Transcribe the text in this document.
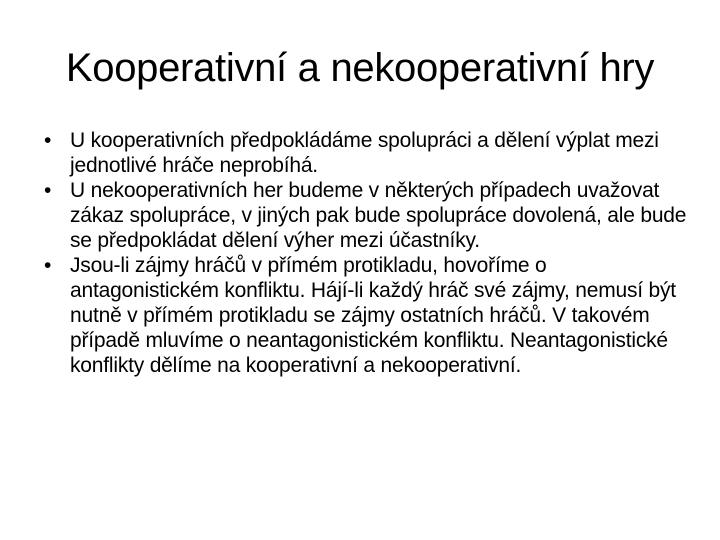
Kooperativní a nekooperativní hry
• U kooperativních předpokládáme spolupráci a dělení výplat mezi jednotlivé hráče neprobíhá.
• U nekooperativních her budeme v některých případech uvažovat zákaz spolupráce, v jiných pak bude spolupráce dovolená, ale bude se předpokládat dělení výher mezi účastníky.
• Jsou-li zájmy hráčů v přímém protikladu, hovoříme o antagonistickém konfliktu. Hájí-li každý hráč své zájmy, nemusí být nutně v přímém protikladu se zájmy ostatních hráčů. V takovém případě mluvíme o neantagonistickém konfliktu. Neantagonistické konflikty dělíme na kooperativní a nekooperativní.
